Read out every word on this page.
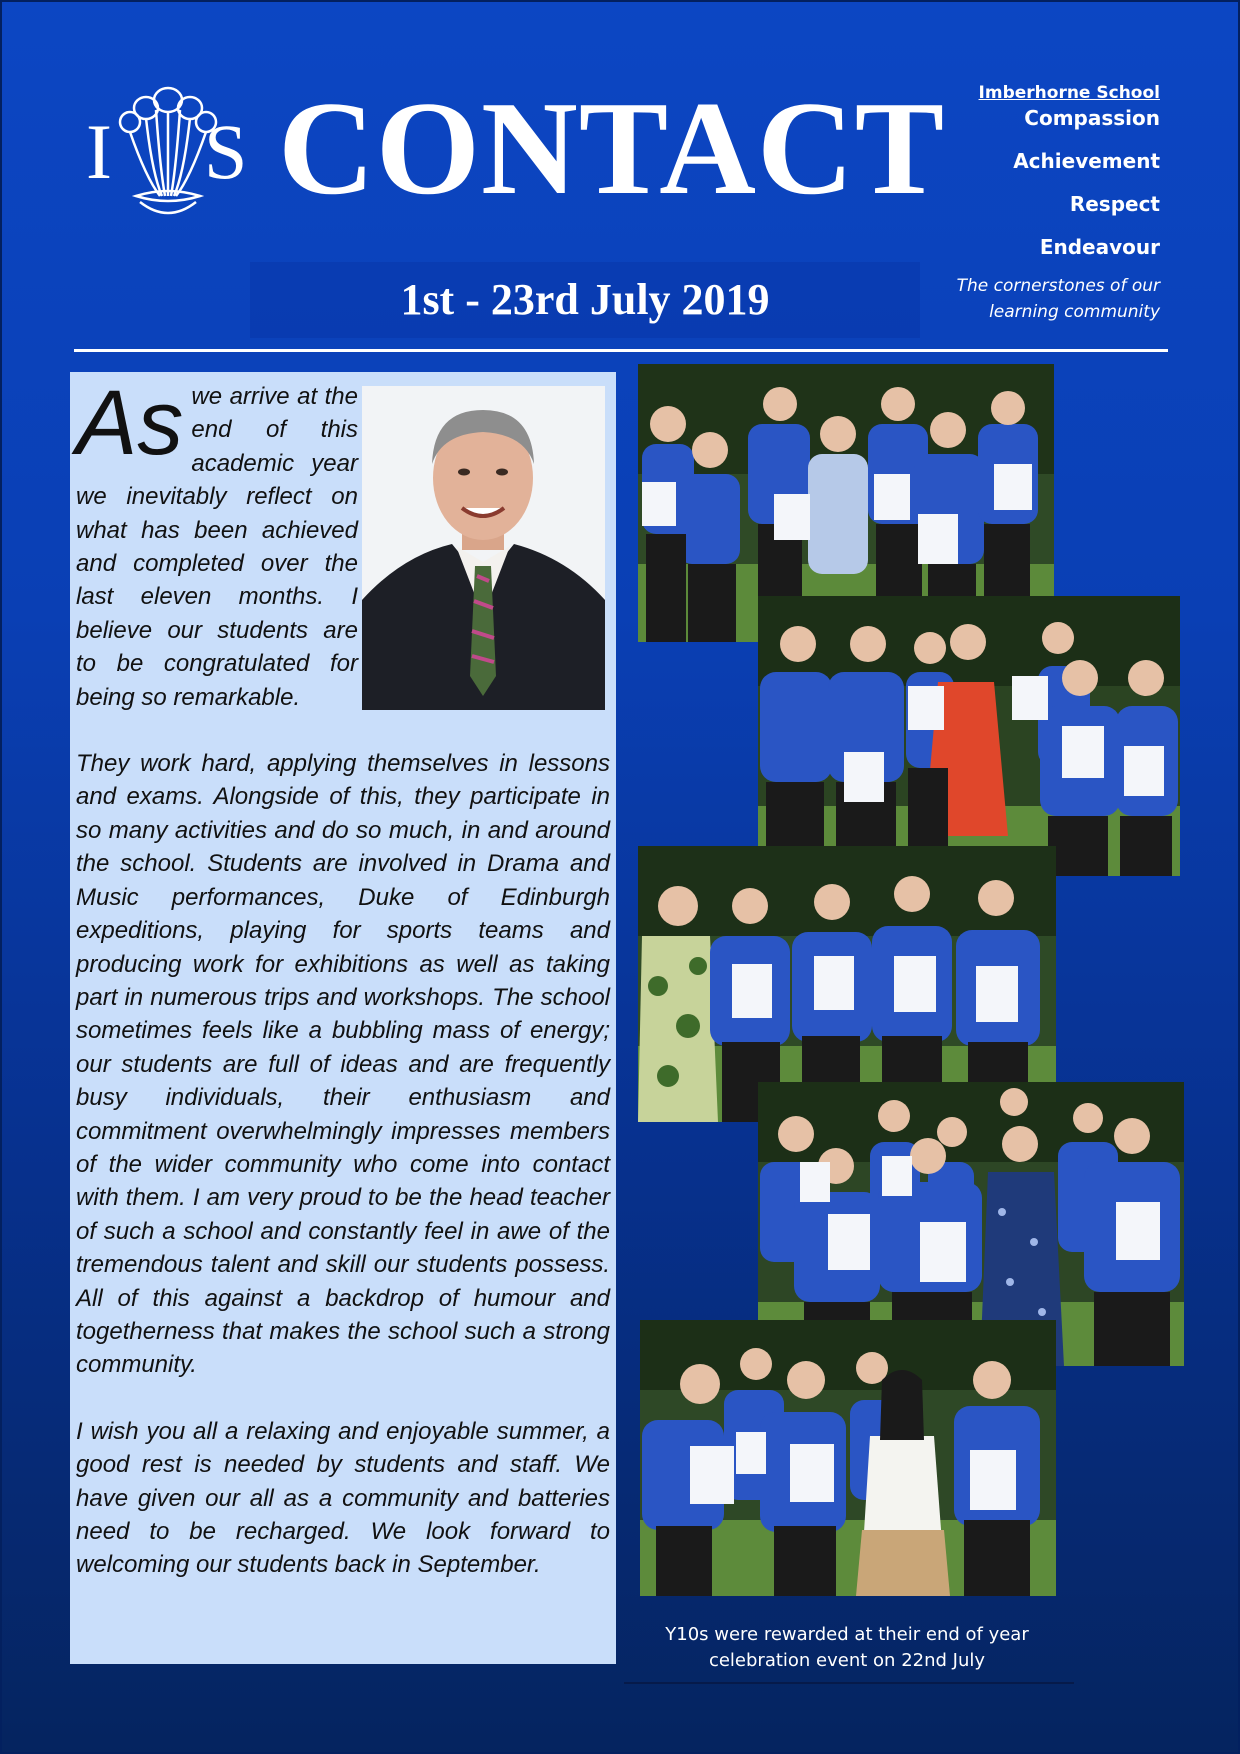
I S CONTACT
1st - 23rd July 2019
Imberhorne School
Compassion
Achievement
Respect
Endeavour
The cornerstones of our
learning community

As we arrive at the end of this academic year we inevitably reflect on what has been achieved and completed over the last eleven months. I believe our students are to be congratulated for being so remarkable.

They work hard, applying themselves in lessons and exams. Alongside of this, they participate in so many activities and do so much, in and around the school. Students are involved in Drama and Music performances, Duke of Edinburgh expeditions, playing for sports teams and producing work for exhibitions as well as taking part in numerous trips and workshops. The school sometimes feels like a bubbling mass of energy; our students are full of ideas and are frequently busy individuals, their enthusiasm and commitment overwhelmingly impresses members of the wider community who come into contact with them. I am very proud to be the head teacher of such a school and constantly feel in awe of the tremendous talent and skill our students possess. All of this against a backdrop of humour and togetherness that makes the school such a strong community.

I wish you all a relaxing and enjoyable summer, a good rest is needed by students and staff. We have given our all as a community and batteries need to be recharged. We look forward to welcoming our students back in September.

Y10s were rewarded at their end of year
celebration event on 22nd July
